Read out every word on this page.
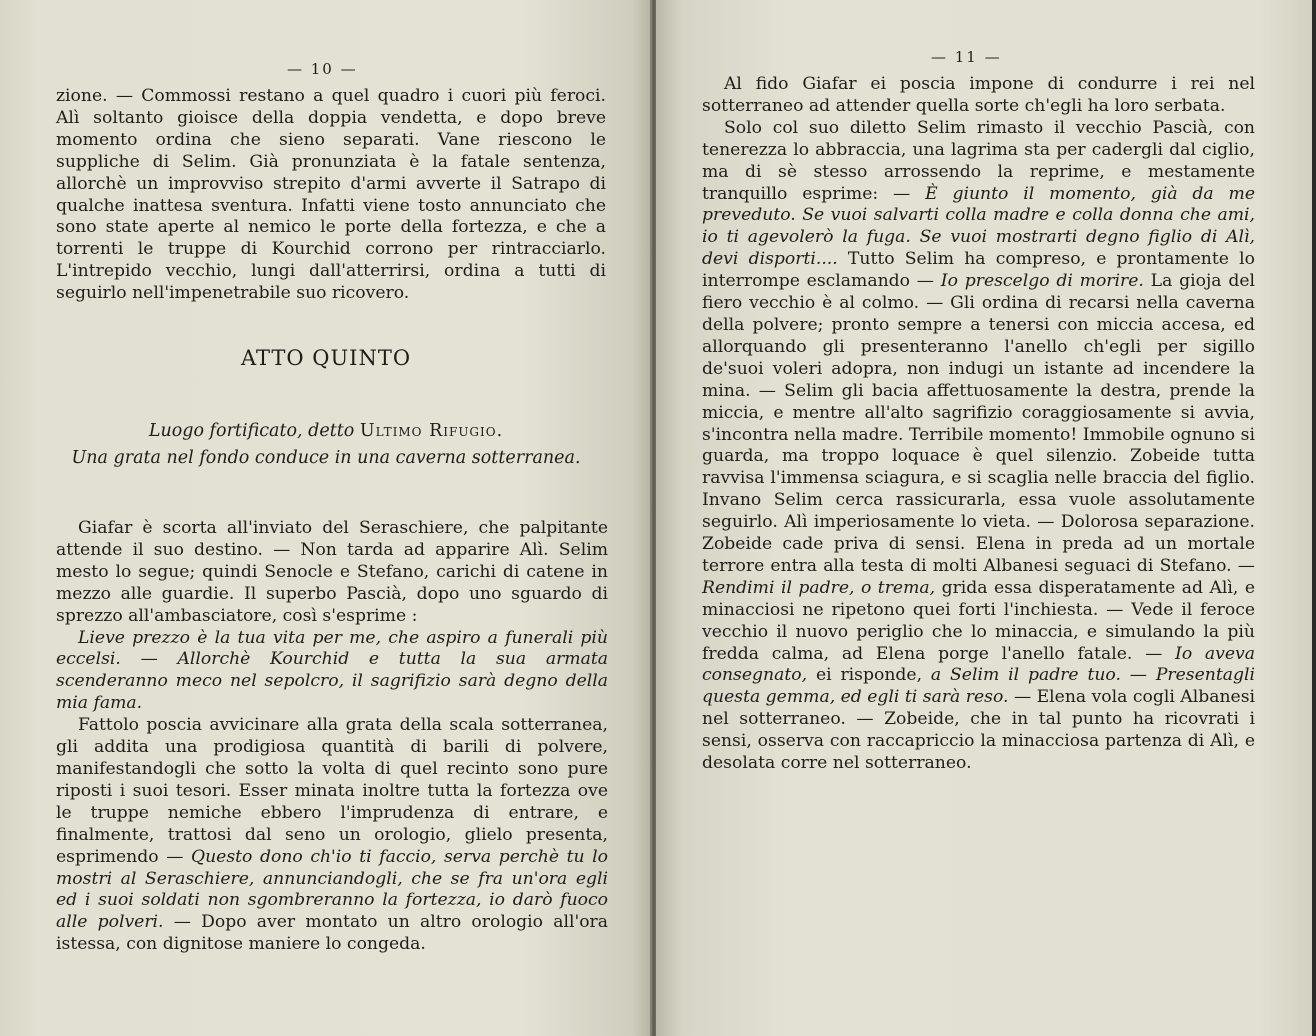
— 10 —

zione. — Commossi restano a quel quadro i cuori più feroci. Alì soltanto gioisce della doppia vendetta, e dopo breve momento ordina che sieno separati. Vane riescono le suppliche di Selim. Già pronunziata è la fatale sentenza, allorchè un improvviso strepito d'armi avverte il Satrapo di qualche inattesa sventura. Infatti viene tosto annunciato che sono state aperte al nemico le porte della fortezza, e che a torrenti le truppe di Kourchid corrono per rintracciarlo. L'intrepido vecchio, lungi dall'atterrirsi, ordina a tutti di seguirlo nell'impenetrabile suo ricovero.

ATTO QUINTO
Luogo fortificato, detto Ultimo Rifugio.
Una grata nel fondo conduce in una caverna sotterranea.

Giafar è scorta all'inviato del Seraschiere, che palpitante attende il suo destino. — Non tarda ad apparire Alì. Selim mesto lo segue; quindi Senocle e Stefano, carichi di catene in mezzo alle guardie. Il superbo Pascià, dopo uno sguardo di sprezzo all'ambasciatore, così s'esprime :

Lieve prezzo è la tua vita per me, che aspiro a funerali più eccelsi. — Allorchè Kourchid e tutta la sua armata scenderanno meco nel sepolcro, il sagrifizio sarà degno della mia fama.

Fattolo poscia avvicinare alla grata della scala sotterranea, gli addita una prodigiosa quantità di barili di polvere, manifestandogli che sotto la volta di quel recinto sono pure riposti i suoi tesori. Esser minata inoltre tutta la fortezza ove le truppe nemiche ebbero l'imprudenza di entrare, e finalmente, trattosi dal seno un orologio, glielo presenta, esprimendo — Questo dono ch'io ti faccio, serva perchè tu lo mostri al Seraschiere, annunciandogli, che se fra un'ora egli ed i suoi soldati non sgombreranno la fortezza, io darò fuoco alle polveri. — Dopo aver montato un altro orologio all'ora istessa, con dignitose maniere lo congeda.

— 11 —

Al fido Giafar ei poscia impone di condurre i rei nel sotterraneo ad attender quella sorte ch'egli ha loro serbata.

Solo col suo diletto Selim rimasto il vecchio Pascià, con tenerezza lo abbraccia, una lagrima sta per cadergli dal ciglio, ma di sè stesso arrossendo la reprime, e mestamente tranquillo esprime: — È giunto il momento, già da me preveduto. Se vuoi salvarti colla madre e colla donna che ami, io ti agevolerò la fuga. Se vuoi mostrarti degno figlio di Alì, devi disporti.... Tutto Selim ha compreso, e prontamente lo interrompe esclamando — Io prescelgo di morire. La gioja del fiero vecchio è al colmo. — Gli ordina di recarsi nella caverna della polvere; pronto sempre a tenersi con miccia accesa, ed allorquando gli presenteranno l'anello ch'egli per sigillo de'suoi voleri adopra, non indugi un istante ad incendere la mina. — Selim gli bacia affettuosamente la destra, prende la miccia, e mentre all'alto sagrifizio coraggiosamente si avvia, s'incontra nella madre. Terribile momento! Immobile ognuno si guarda, ma troppo loquace è quel silenzio. Zobeide tutta ravvisa l'immensa sciagura, e si scaglia nelle braccia del figlio. Invano Selim cerca rassicurarla, essa vuole assolutamente seguirlo. Alì imperiosamente lo vieta. — Dolorosa separazione. Zobeide cade priva di sensi. Elena in preda ad un mortale terrore entra alla testa di molti Albanesi seguaci di Stefano. — Rendimi il padre, o trema, grida essa disperatamente ad Alì, e minacciosi ne ripetono quei forti l'inchiesta. — Vede il feroce vecchio il nuovo periglio che lo minaccia, e simulando la più fredda calma, ad Elena porge l'anello fatale. — Io aveva consegnato, ei risponde, a Selim il padre tuo. — Presentagli questa gemma, ed egli ti sarà reso. — Elena vola cogli Albanesi nel sotterraneo. — Zobeide, che in tal punto ha ricovrati i sensi, osserva con raccapriccio la minacciosa partenza di Alì, e desolata corre nel sotterraneo.
